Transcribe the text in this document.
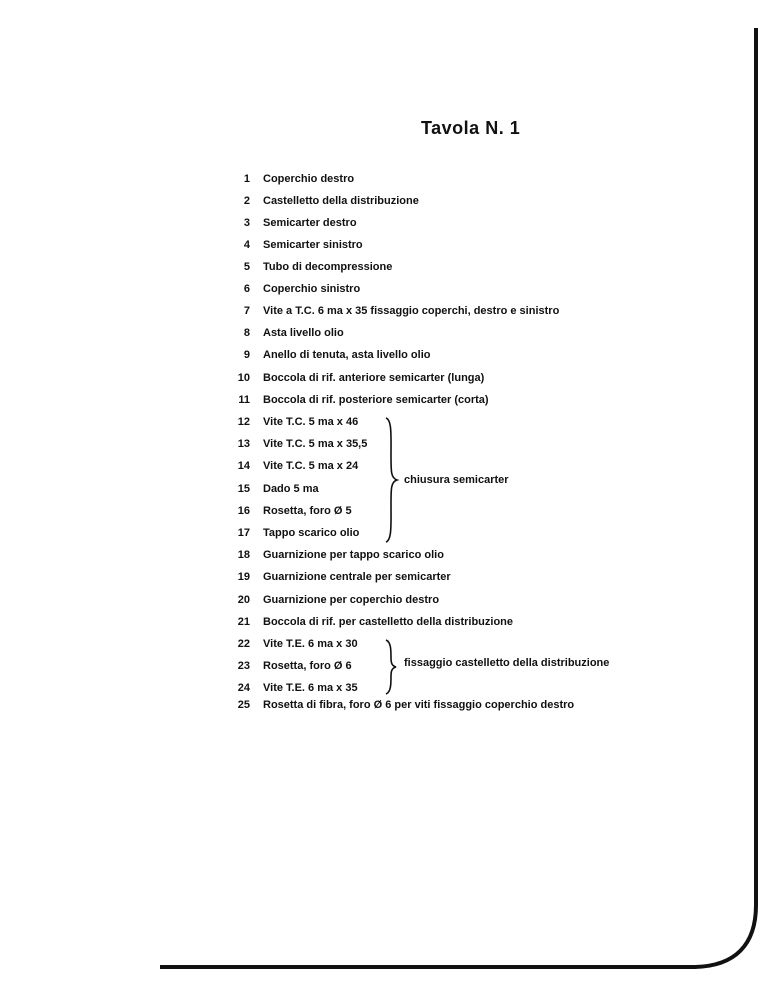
Tavola N. 1
1 Coperchio destro
2 Castelletto della distribuzione
3 Semicarter destro
4 Semicarter sinistro
5 Tubo di decompressione
6 Coperchio sinistro
7 Vite a T.C. 6 ma x 35 fissaggio coperchi, destro e sinistro
8 Asta livello olio
9 Anello di tenuta, asta livello olio
10 Boccola di rif. anteriore semicarter (lunga)
11 Boccola di rif. posteriore semicarter (corta)
12 Vite T.C. 5 ma x 46
13 Vite T.C. 5 ma x 35,5
14 Vite T.C. 5 ma x 24
15 Dado 5 ma
16 Rosetta, foro Ø 5
17 Tappo scarico olio
18 Guarnizione per tappo scarico olio
19 Guarnizione centrale per semicarter
20 Guarnizione per coperchio destro
21 Boccola di rif. per castelletto della distribuzione
22 Vite T.E. 6 ma x 30
23 Rosetta, foro Ø 6
24 Vite T.E. 6 ma x 35
25 Rosetta di fibra, foro Ø 6 per viti fissaggio coperchio destro
chiusura semicarter
fissaggio castelletto della distribuzione
